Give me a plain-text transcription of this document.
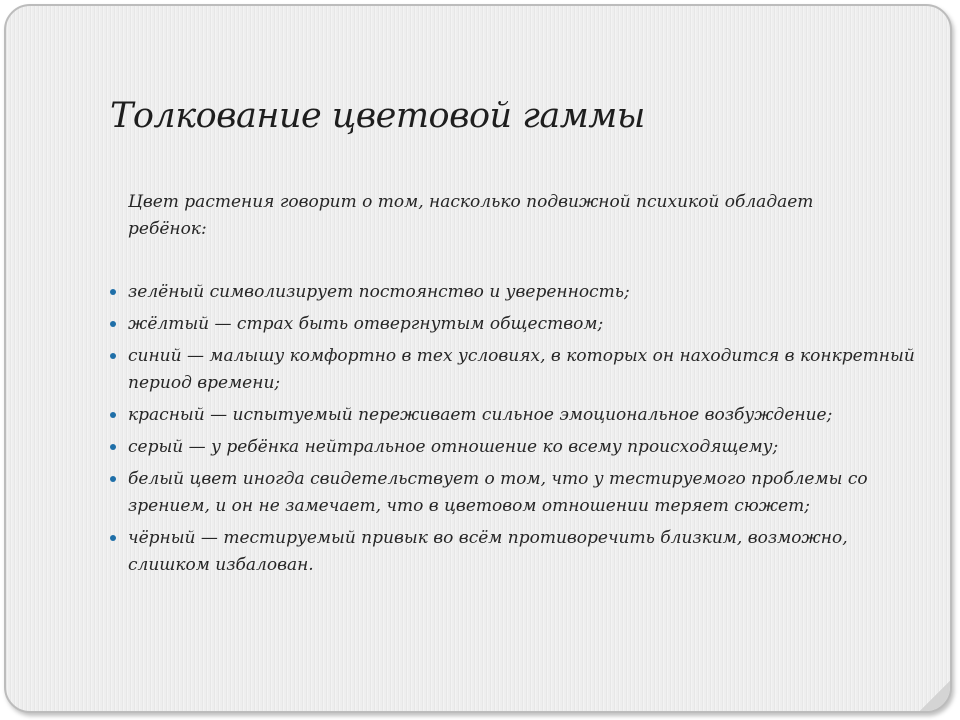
Толкование цветовой гаммы

Цвет растения говорит о том, насколько подвижной психикой обладает ребёнок:

зелёный символизирует постоянство и уверенность;
жёлтый — страх быть отвергнутым обществом;
синий — малышу комфортно в тех условиях, в которых он находится в конкретный период времени;
красный — испытуемый переживает сильное эмоциональное возбуждение;
серый — у ребёнка нейтральное отношение ко всему происходящему;
белый цвет иногда свидетельствует о том, что у тестируемого проблемы со зрением, и он не замечает, что в цветовом отношении теряет сюжет;
чёрный — тестируемый привык во всём противоречить близким, возможно, слишком избалован.
